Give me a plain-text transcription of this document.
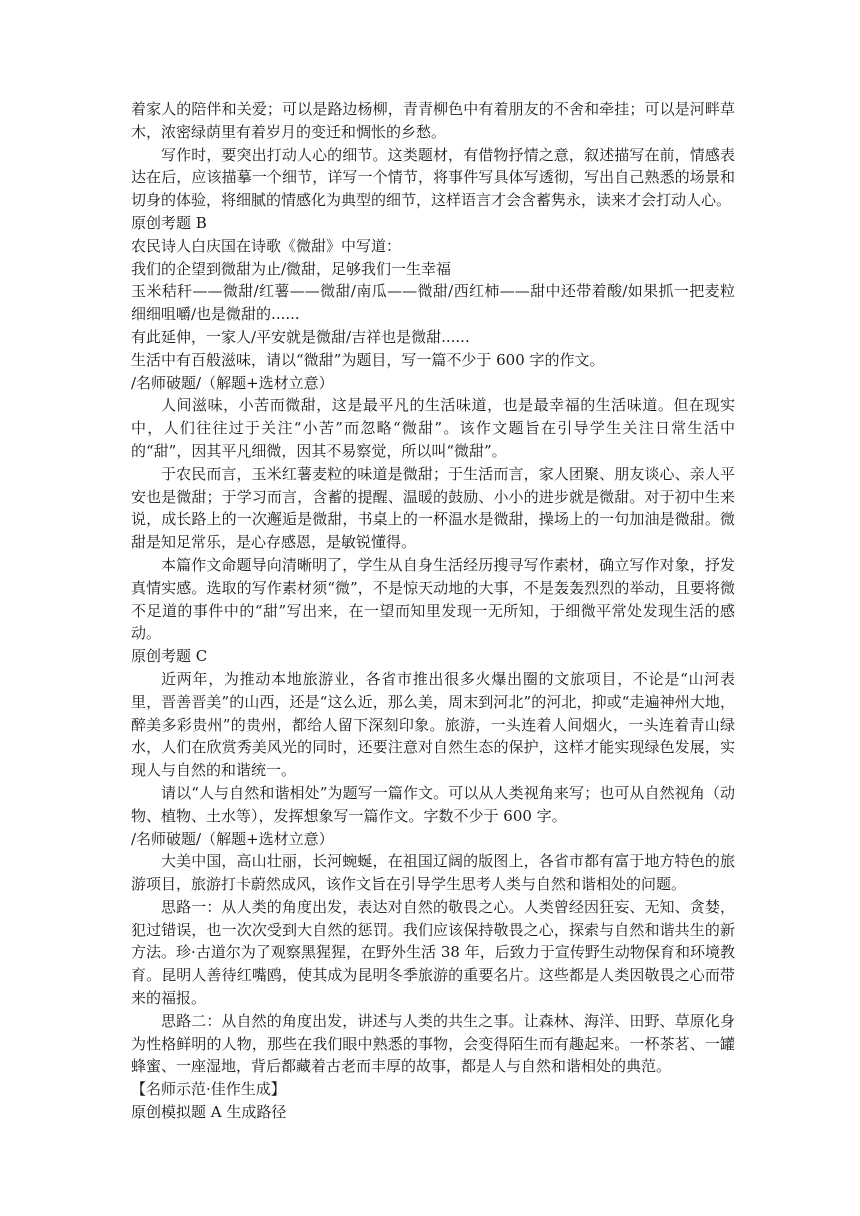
着家人的陪伴和关爱；可以是路边杨柳，青青柳色中有着朋友的不舍和牵挂；可以是河畔草木，浓密绿荫里有着岁月的变迁和惆怅的乡愁。
写作时，要突出打动人心的细节。这类题材，有借物抒情之意，叙述描写在前，情感表达在后，应该描摹一个细节，详写一个情节，将事件写具体写透彻，写出自己熟悉的场景和切身的体验，将细腻的情感化为典型的细节，这样语言才会含蓄隽永，读来才会打动人心。
原创考题 B
农民诗人白庆国在诗歌《微甜》中写道：
我们的企望到微甜为止/微甜，足够我们一生幸福
玉米秸秆——微甜/红薯——微甜/南瓜——微甜/西红柿——甜中还带着酸/如果抓一把麦粒细细咀嚼/也是微甜的......
有此延伸，一家人/平安就是微甜/吉祥也是微甜......
生活中有百般滋味，请以“微甜”为题目，写一篇不少于 600 字的作文。
/名师破题/（解题+选材立意）
人间滋味，小苦而微甜，这是最平凡的生活味道，也是最幸福的生活味道。但在现实中，人们往往过于关注“小苦”而忽略“微甜”。该作文题旨在引导学生关注日常生活中的“甜”，因其平凡细微，因其不易察觉，所以叫“微甜”。
于农民而言，玉米红薯麦粒的味道是微甜；于生活而言，家人团聚、朋友谈心、亲人平安也是微甜；于学习而言，含蓄的提醒、温暖的鼓励、小小的进步就是微甜。对于初中生来说，成长路上的一次邂逅是微甜，书桌上的一杯温水是微甜，操场上的一句加油是微甜。微甜是知足常乐，是心存感恩，是敏锐懂得。
本篇作文命题导向清晰明了，学生从自身生活经历搜寻写作素材，确立写作对象，抒发真情实感。选取的写作素材须“微”，不是惊天动地的大事，不是轰轰烈烈的举动，且要将微不足道的事件中的“甜”写出来，在一望而知里发现一无所知，于细微平常处发现生活的感动。
原创考题 C
近两年，为推动本地旅游业，各省市推出很多火爆出圈的文旅项目，不论是“山河表里，晋善晋美”的山西，还是“这么近，那么美，周末到河北”的河北，抑或“走遍神州大地，醉美多彩贵州”的贵州，都给人留下深刻印象。旅游，一头连着人间烟火，一头连着青山绿水，人们在欣赏秀美风光的同时，还要注意对自然生态的保护，这样才能实现绿色发展，实现人与自然的和谐统一。
请以“人与自然和谐相处”为题写一篇作文。可以从人类视角来写；也可从自然视角（动物、植物、土水等），发挥想象写一篇作文。字数不少于 600 字。
/名师破题/（解题+选材立意）
大美中国，高山壮丽，长河蜿蜒，在祖国辽阔的版图上，各省市都有富于地方特色的旅游项目，旅游打卡蔚然成风，该作文旨在引导学生思考人类与自然和谐相处的问题。
思路一：从人类的角度出发，表达对自然的敬畏之心。人类曾经因狂妄、无知、贪婪，犯过错误，也一次次受到大自然的惩罚。我们应该保持敬畏之心，探索与自然和谐共生的新方法。珍·古道尔为了观察黑猩猩，在野外生活 38 年，后致力于宣传野生动物保育和环境教育。昆明人善待红嘴鸥，使其成为昆明冬季旅游的重要名片。这些都是人类因敬畏之心而带来的福报。
思路二：从自然的角度出发，讲述与人类的共生之事。让森林、海洋、田野、草原化身为性格鲜明的人物，那些在我们眼中熟悉的事物，会变得陌生而有趣起来。一杯茶茗、一罐蜂蜜、一座湿地，背后都藏着古老而丰厚的故事，都是人与自然和谐相处的典范。
【名师示范·佳作生成】
原创模拟题 A 生成路径
